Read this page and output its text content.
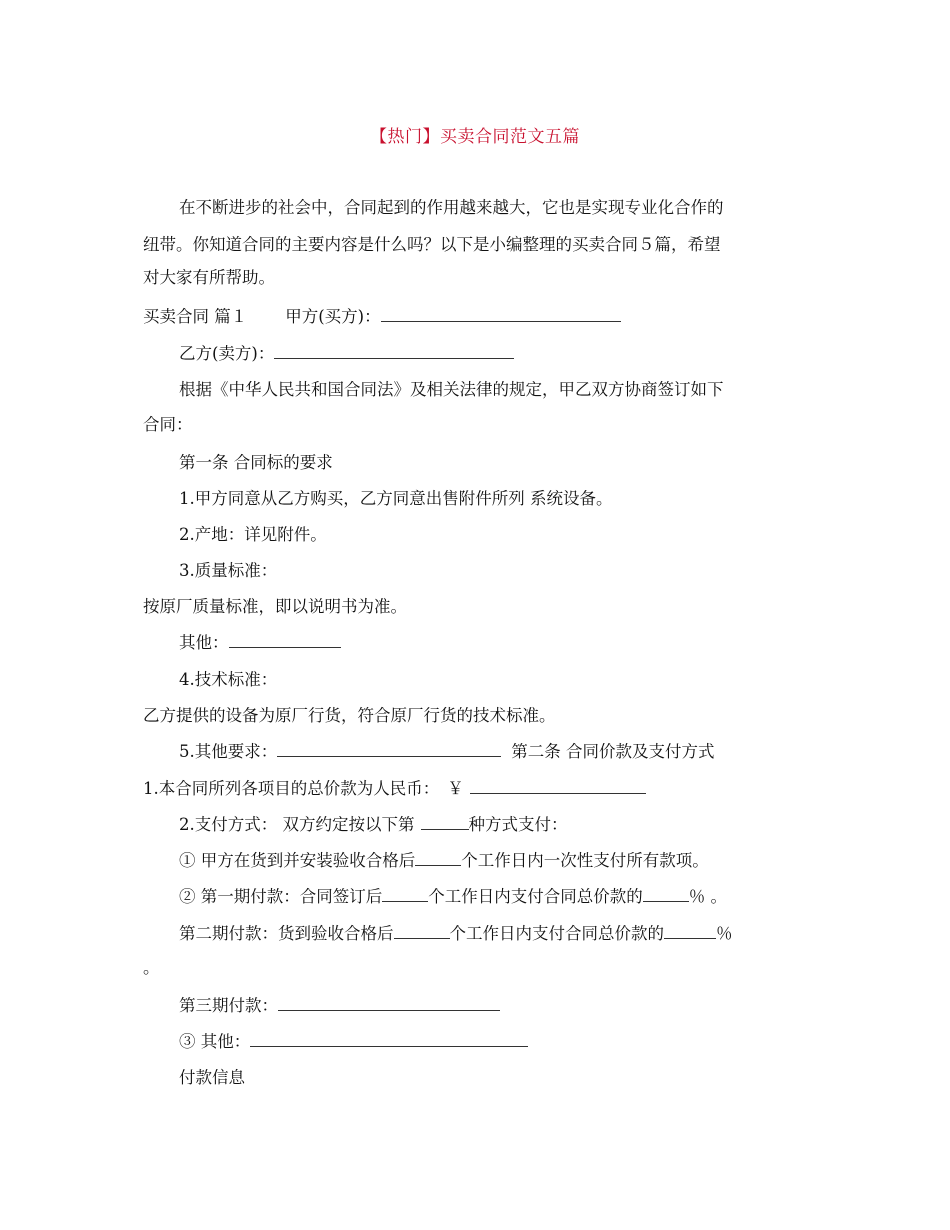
【热门】买卖合同范文五篇
在不断进步的社会中，合同起到的作用越来越大，它也是实现专业化合作的
纽带。你知道合同的主要内容是什么吗？以下是小编整理的买卖合同５篇，希望
对大家有所帮助。
买卖合同 篇１ 甲方(买方)：
乙方(卖方)：
根据《中华人民共和国合同法》及相关法律的规定，甲乙双方协商签订如下
合同：
第一条 合同标的要求
1.甲方同意从乙方购买，乙方同意出售附件所列 系统设备。
2.产地：详见附件。
3.质量标准：
按原厂质量标准，即以说明书为准。
其他：
4.技术标准：
乙方提供的设备为原厂行货，符合原厂行货的技术标准。
5.其他要求：	第二条 合同价款及支付方式
1.本合同所列各项目的总价款为人民币： ￥
2.支付方式： 双方约定按以下第	种方式支付：
① 甲方在货到并安装验收合格后	个工作日内一次性支付所有款项。
② 第一期付款：合同签订后	个工作日内支付合同总价款的	％ 。
第二期付款：货到验收合格后	个工作日内支付合同总价款的	％
。
第三期付款：
③ 其他：
付款信息
